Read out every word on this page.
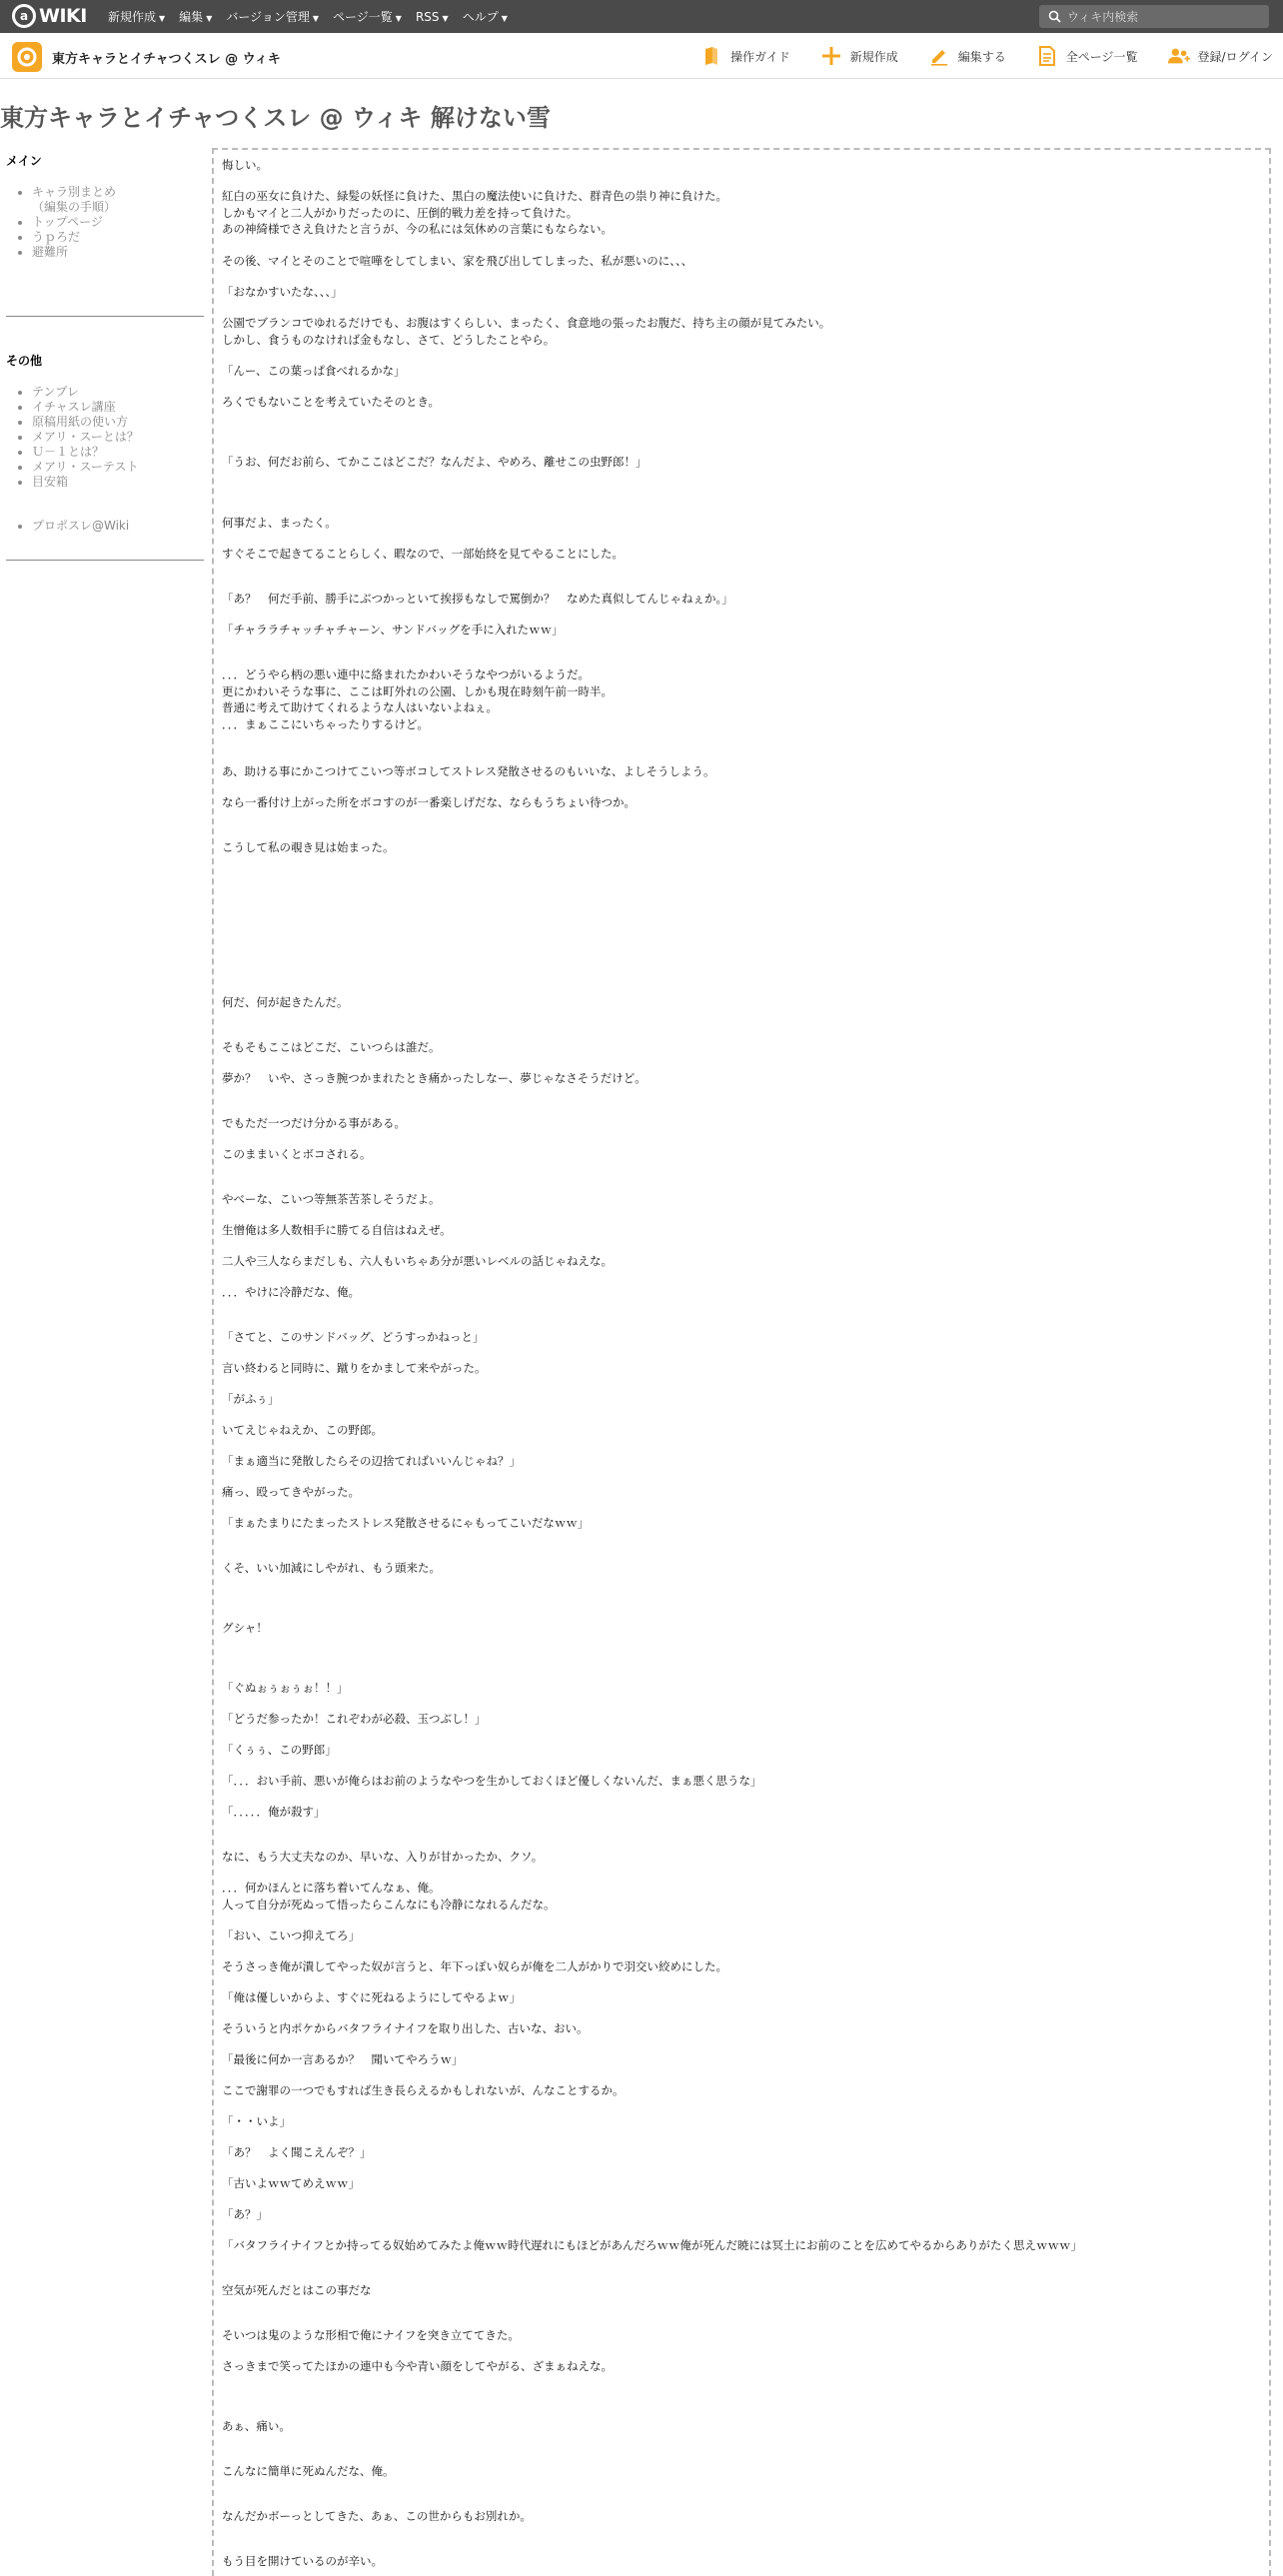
a WIKI 新規作成 ▼ 編集 ▼ バージョン管理 ▼ ページ一覧 ▼ RSS ▼ ヘルプ ▼
ウィキ内検索
東方キャラとイチャつくスレ @ ウィキ	操作ガイド	新規作成	編集する	全ページ一覧	登録/ログイン
東方キャラとイチャつくスレ @ ウィキ 解けない雪
メイン
• キャラ別まとめ
（編集の手順）
• トップページ
• うｐろだ
• 避難所
その他
• テンプレ
• イチャスレ講座
• 原稿用紙の使い方
• メアリ・スーとは？
• Ｕ－１とは？
• メアリ・スーテスト
• 目安箱
• プロポスレ@Wiki

悔しい。

紅白の巫女に負けた、緑髪の妖怪に負けた、黒白の魔法使いに負けた、群青色の祟り神に負けた。
しかもマイと二人がかりだったのに、圧倒的戦力差を持って負けた。
あの神綺様でさえ負けたと言うが、今の私には気休めの言葉にもならない。

その後、マイとそのことで喧嘩をしてしまい、家を飛び出してしまった、私が悪いのに、、、

「おなかすいたな、、、」

公園でブランコでゆれるだけでも、お腹はすくらしい、まったく、食意地の張ったお腹だ、持ち主の顔が見てみたい。
しかし、食うものなければ金もなし、さて、どうしたことやら。

「んー、この葉っぱ食べれるかな」

ろくでもないことを考えていたそのとき。

「うお、何だお前ら、てかここはどこだ？なんだよ、やめろ、離せこの虫野郎！」

何事だよ、まったく。

すぐそこで起きてることらしく、暇なので、一部始終を見てやることにした。

「あ？　何だ手前、勝手にぶつかっといて挨拶もなしで罵倒か？　なめた真似してんじゃねぇか。」

「チャララチャッチャチャーン、サンドバッグを手に入れたｗｗ」

．．．どうやら柄の悪い連中に絡まれたかわいそうなやつがいるようだ。
更にかわいそうな事に、ここは町外れの公園、しかも現在時刻午前一時半。
普通に考えて助けてくれるような人はいないよねぇ。
．．．まぁここにいちゃったりするけど。

あ、助ける事にかこつけてこいつ等ボコしてストレス発散させるのもいいな、よしそうしよう。

なら一番付け上がった所をボコすのが一番楽しげだな、ならもうちょい待つか。

こうして私の覗き見は始まった。

何だ、何が起きたんだ。

そもそもここはどこだ、こいつらは誰だ。

夢か？　いや、さっき腕つかまれたとき痛かったしなー、夢じゃなさそうだけど。

でもただ一つだけ分かる事がある。

このままいくとボコされる。

やべーな、こいつ等無茶苦茶しそうだよ。

生憎俺は多人数相手に勝てる自信はねえぜ。

二人や三人ならまだしも、六人もいちゃあ分が悪いレベルの話じゃねえな。

．．．やけに冷静だな、俺。

「さてと、このサンドバッグ、どうすっかねっと」

言い終わると同時に、蹴りをかまして来やがった。

「がふぅ」

いてえじゃねえか、この野郎。

「まぁ適当に発散したらその辺捨てればいいんじゃね？」

痛っ、殴ってきやがった。

「まぁたまりにたまったストレス発散させるにゃもってこいだなｗｗ」

くそ、いい加減にしやがれ、もう頭来た。

グシャ！

「ぐぬぉぅぉぅぉ！！」

「どうだ参ったか！これぞわが必殺、玉つぶし！」

「くぅぅ、この野郎」

「．．．おい手前、悪いが俺らはお前のようなやつを生かしておくほど優しくないんだ、まぁ悪く思うな」

「．．．．．俺が殺す」

なに、もう大丈夫なのか、早いな、入りが甘かったか、クソ。

．．．何かほんとに落ち着いてんなぁ、俺。
人って自分が死ぬって悟ったらこんなにも冷静になれるんだな。

「おい、こいつ抑えてろ」

そうさっき俺が潰してやった奴が言うと、年下っぽい奴らが俺を二人がかりで羽交い絞めにした。

「俺は優しいからよ、すぐに死ねるようにしてやるよｗ」

そういうと内ポケからバタフライナイフを取り出した、古いな、おい。

「最後に何か一言あるか？　聞いてやろうｗ」

ここで謝罪の一つでもすれば生き長らえるかもしれないが、んなことするか。

「・・いよ」

「あ？　よく聞こえんぞ？」

「古いよｗｗてめえｗｗ」

「あ？」

「バタフライナイフとか持ってる奴始めてみたよ俺ｗｗ時代遅れにもほどがあんだろｗｗ俺が死んだ暁には冥土にお前のことを広めてやるからありがたく思えｗｗｗ」

空気が死んだとはこの事だな

そいつは鬼のような形相で俺にナイフを突き立ててきた。

さっきまで笑ってたほかの連中も今や青い顔をしてやがる、ざまぁねえな。

あぁ、痛い。

こんなに簡単に死ぬんだな、俺。

なんだかボーっとしてきた、あぁ、この世からもお別れか。

もう目を開けているのが辛い。
